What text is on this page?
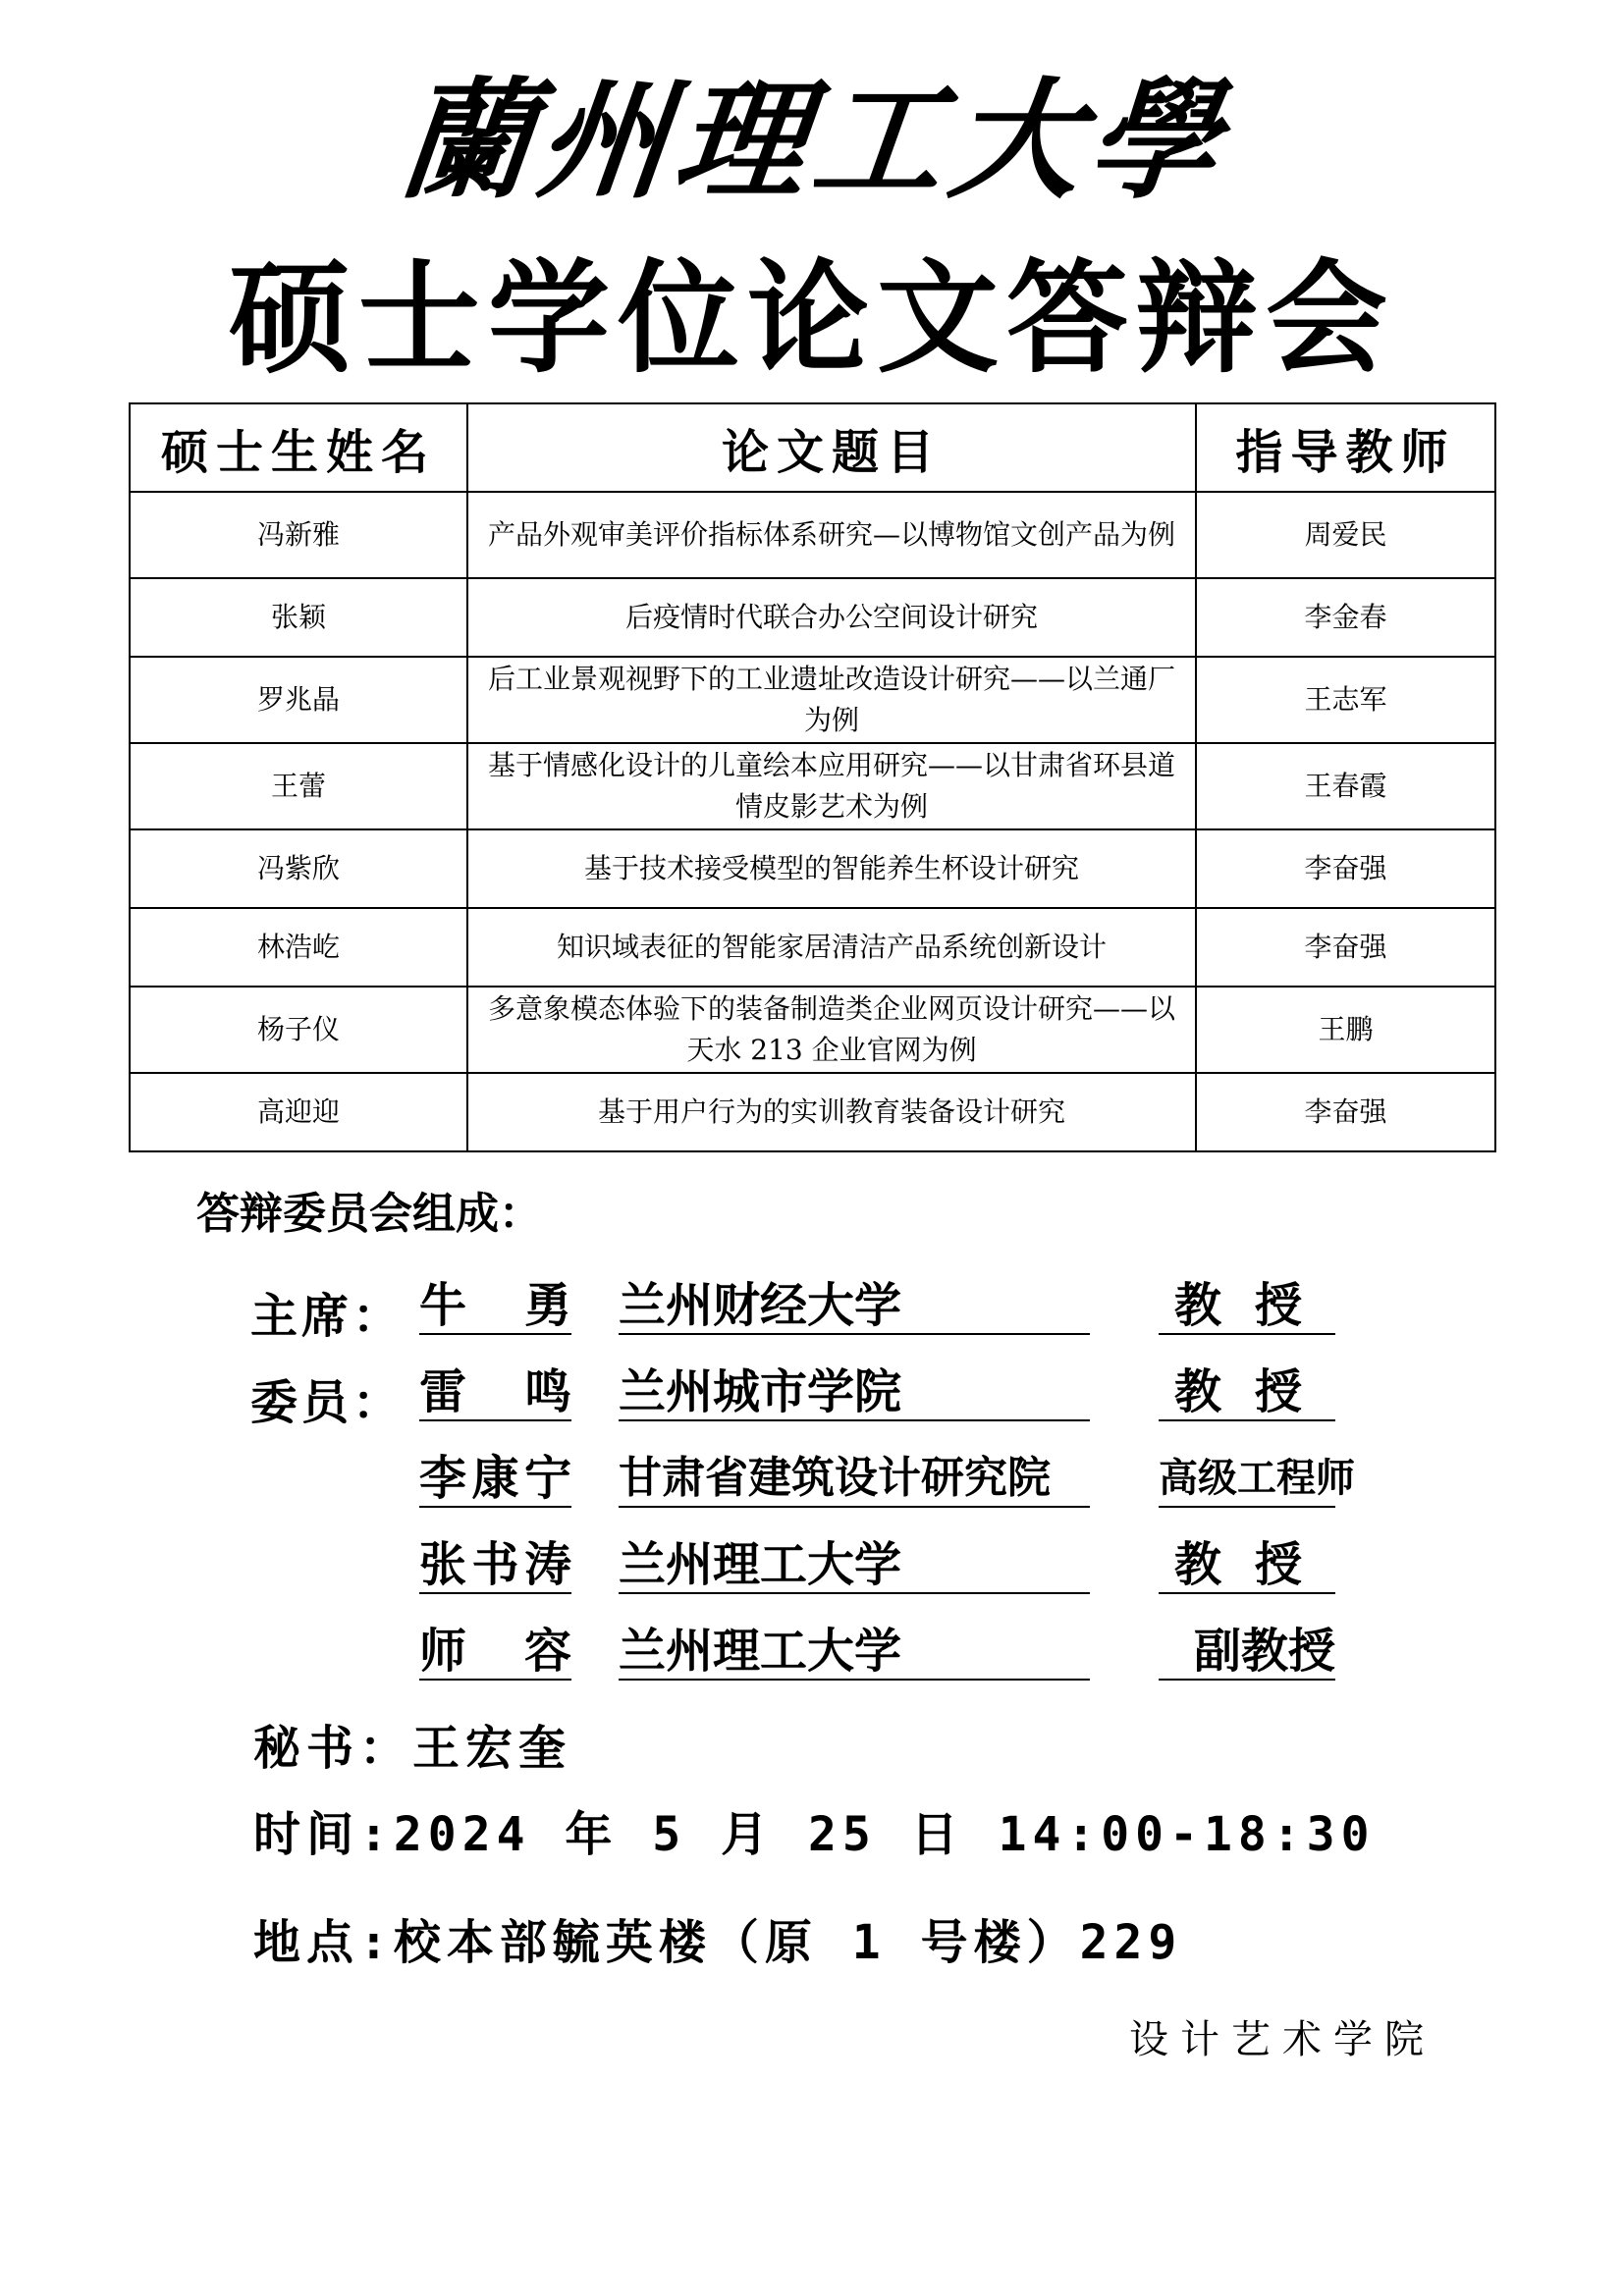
蘭州理工大學
硕士学位论文答辩会
硕士生姓名	论文题目	指导教师
冯新雅	产品外观审美评价指标体系研究—以博物馆文创产品为例	周爱民
张颖	后疫情时代联合办公空间设计研究	李金春
罗兆晶	后工业景观视野下的工业遗址改造设计研究——以兰通厂为例	王志军
王蕾	基于情感化设计的儿童绘本应用研究——以甘肃省环县道情皮影艺术为例	王春霞
冯紫欣	基于技术接受模型的智能养生杯设计研究	李奋强
林浩屹	知识域表征的智能家居清洁产品系统创新设计	李奋强
杨子仪	多意象模态体验下的装备制造类企业网页设计研究——以天水 213 企业官网为例	王鹏
高迎迎	基于用户行为的实训教育装备设计研究	李奋强
答辩委员会组成：
主席： 牛 勇 兰州财经大学	教授
委员： 雷 鸣 兰州城市学院	教授
李康宁 甘肃省建筑设计研究院	高级工程师
张书涛 兰州理工大学	教授
师 容 兰州理工大学	副教授
秘书：王宏奎
时间:2024 年 5 月 25 日 14:00-18:30
地点:校本部毓英楼（原 1 号楼）229
设计艺术学院
